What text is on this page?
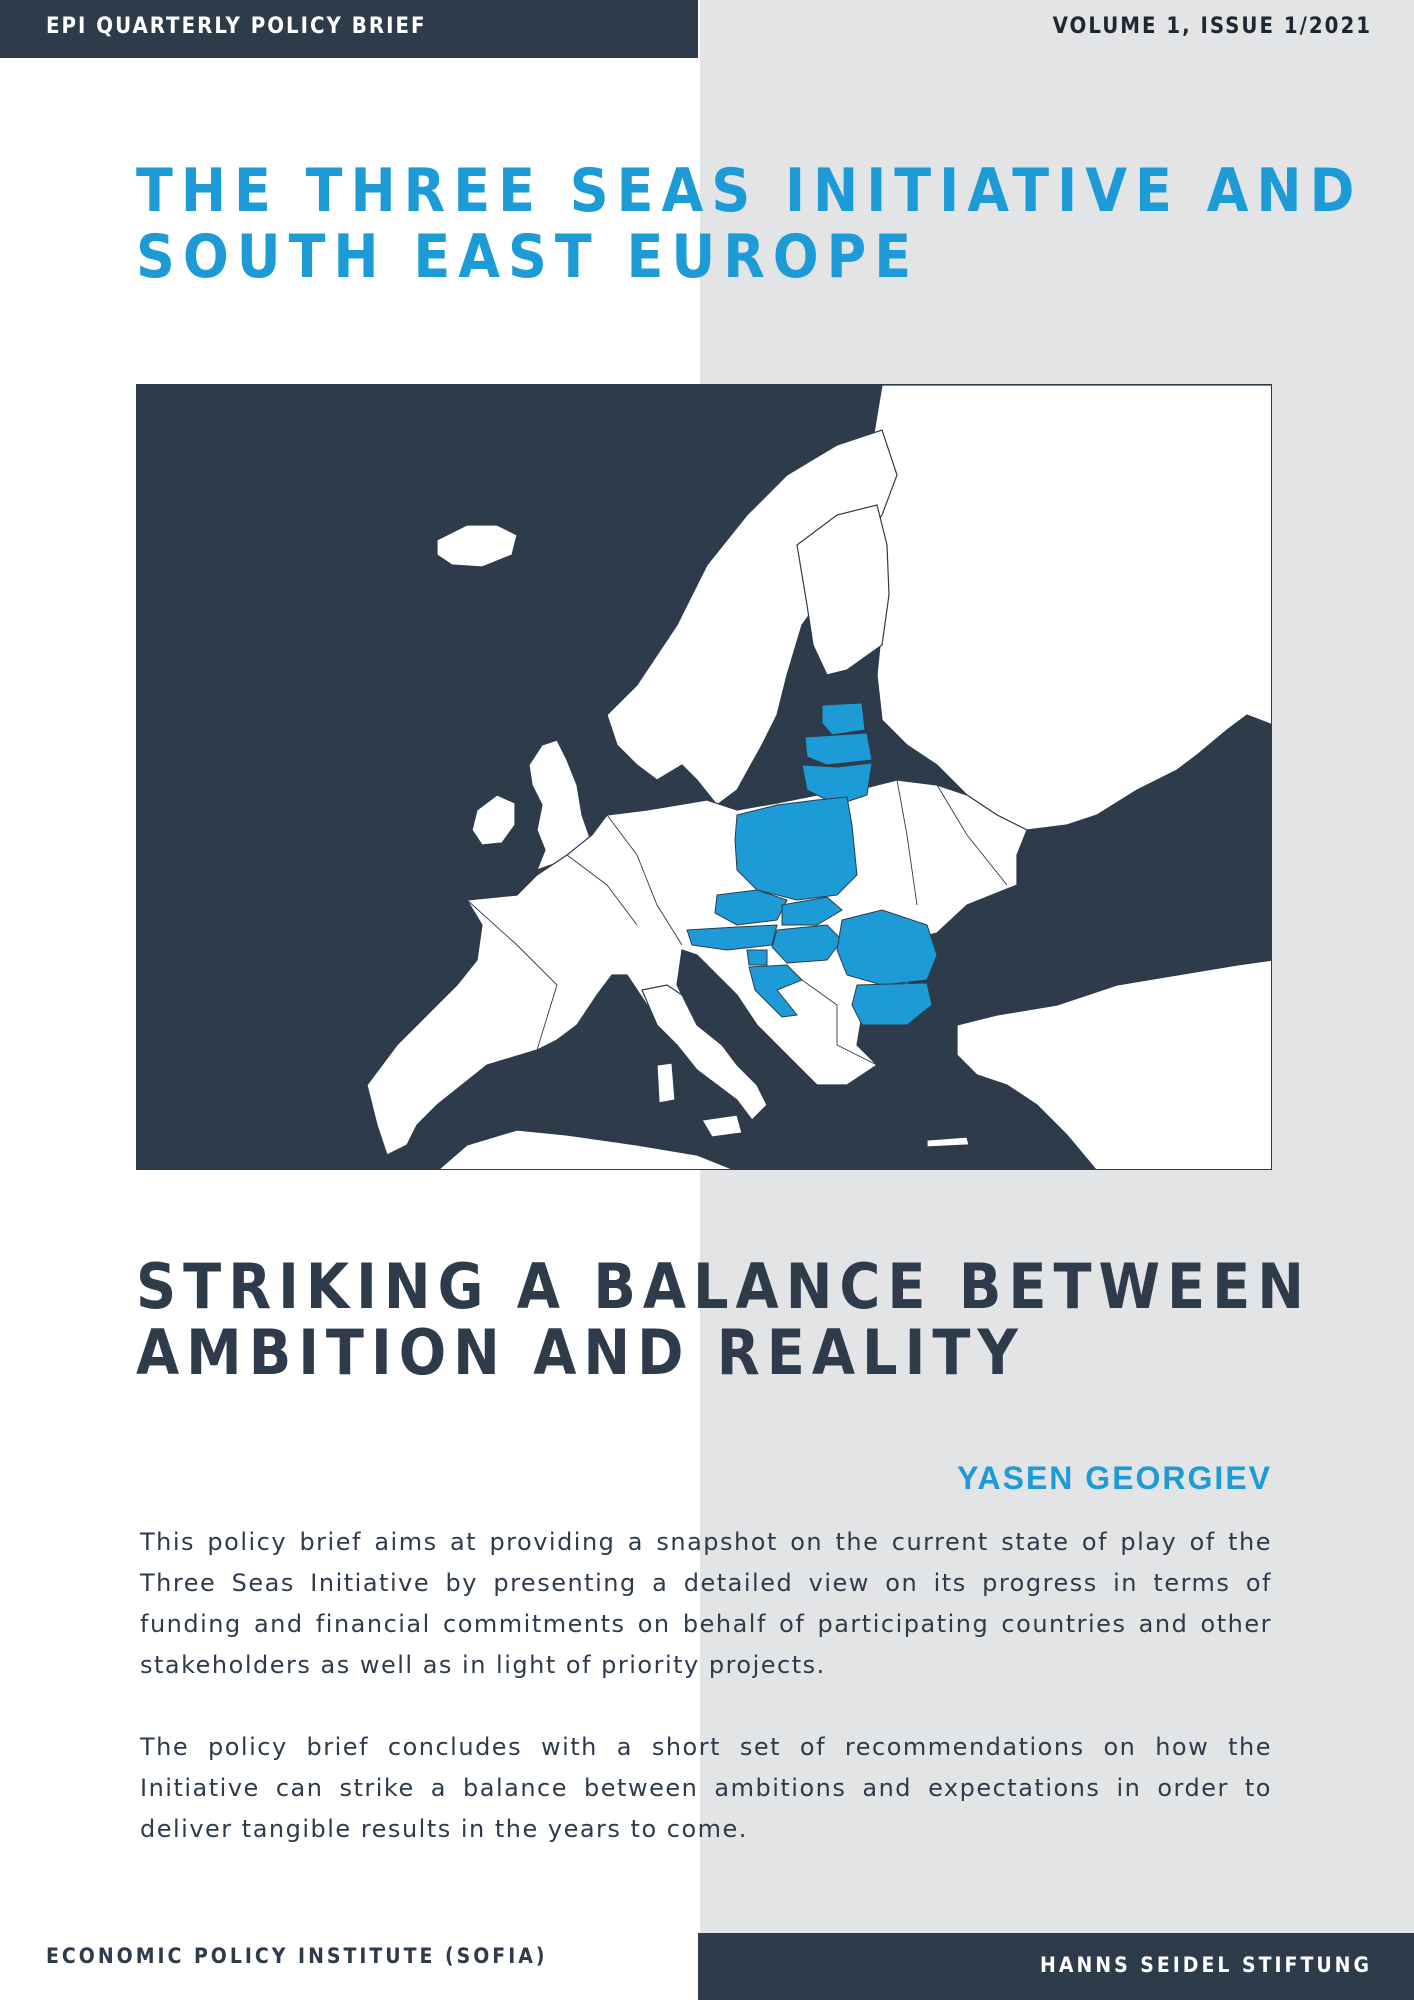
EPI QUARTERLY POLICY BRIEF	VOLUME 1, ISSUE 1/2021
THE THREE SEAS INITIATIVE AND
SOUTH EAST EUROPE
STRIKING A BALANCE BETWEEN
AMBITION AND REALITY
YASEN GEORGIEV

This policy brief aims at providing a snapshot on the current state of play of the Three Seas Initiative by presenting a detailed view on its progress in terms of funding and financial commitments on behalf of participating countries and other stakeholders as well as in light of priority projects.

The policy brief concludes with a short set of recommendations on how the Initiative can strike a balance between ambitions and expectations in order to deliver tangible results in the years to come.

ECONOMIC POLICY INSTITUTE (SOFIA)	HANNS SEIDEL STIFTUNG
